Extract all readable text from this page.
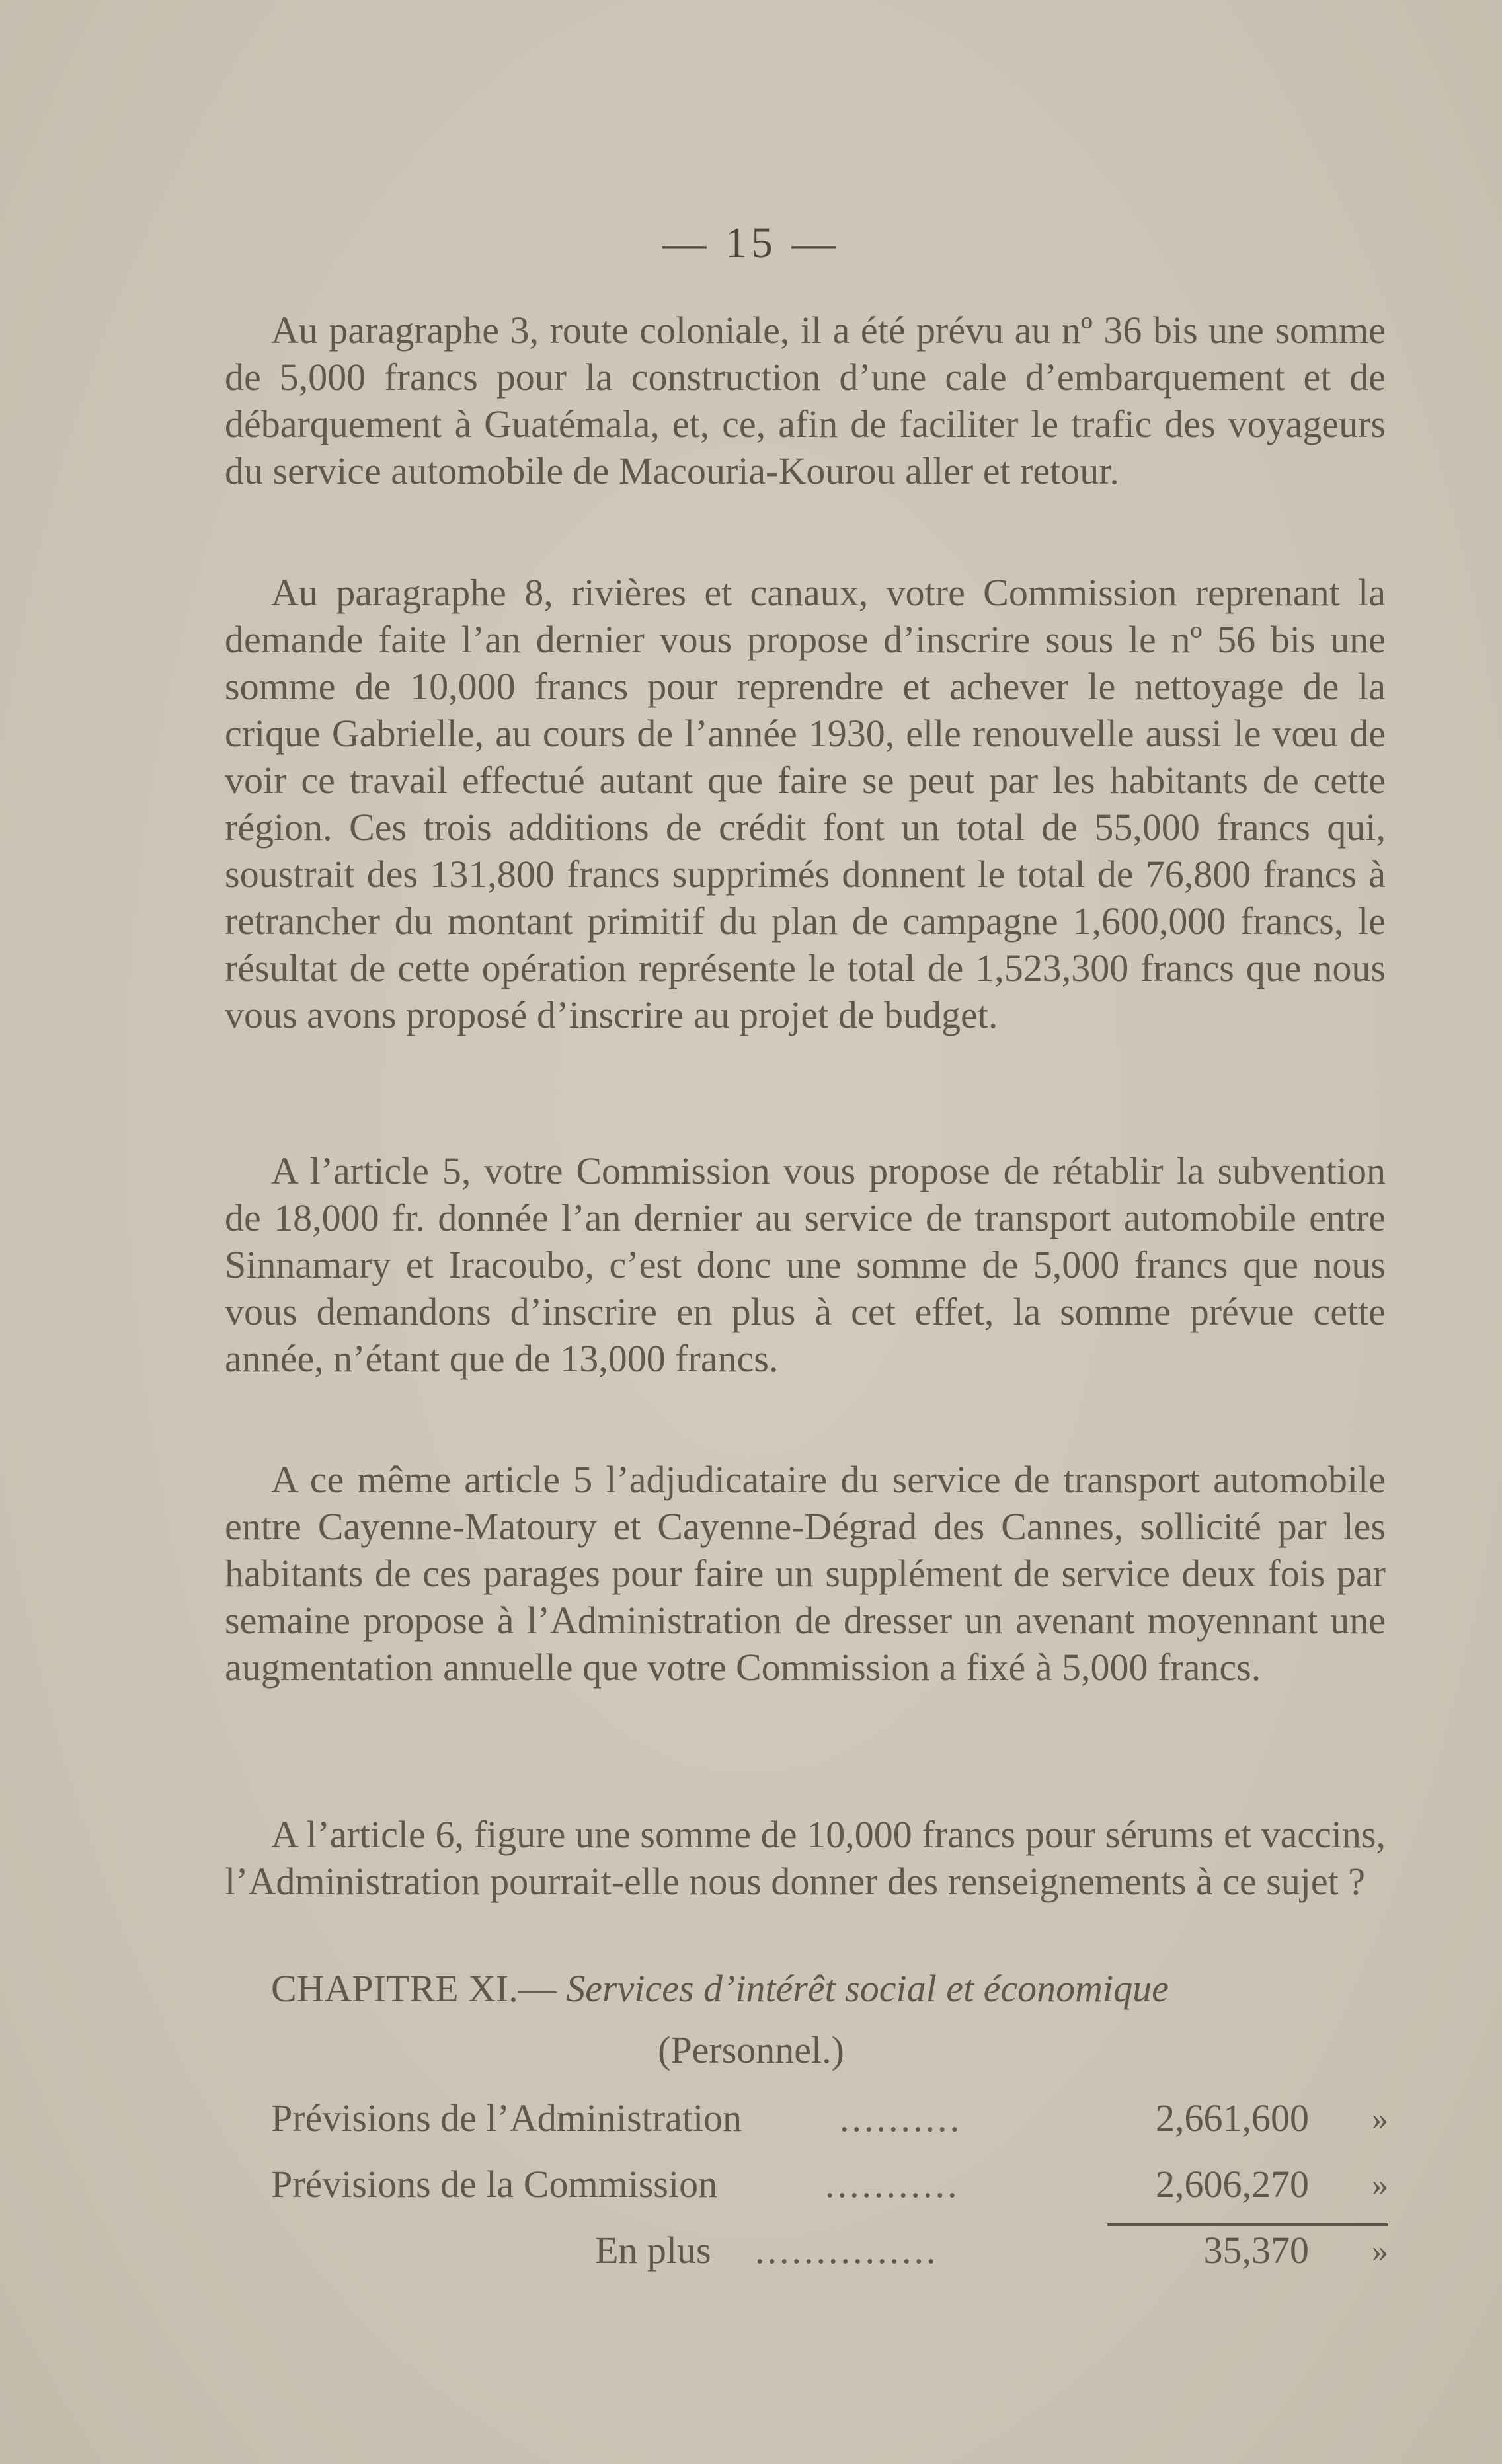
— 15 —

Au paragraphe 3, route coloniale, il a été prévu au nº 36 bis une somme de 5,000 francs pour la construction d’une cale d’embarquement et de débarquement à Guatémala, et, ce, afin de faciliter le trafic des voyageurs du service automobile de Macouria-Kourou aller et retour.

Au paragraphe 8, rivières et canaux, votre Commission reprenant la demande faite l’an dernier vous propose d’inscrire sous le nº 56 bis une somme de 10,000 francs pour reprendre et achever le nettoyage de la crique Gabrielle, au cours de l’année 1930, elle renouvelle aussi le vœu de voir ce travail effectué autant que faire se peut par les habitants de cette région. Ces trois additions de crédit font un total de 55,000 francs qui, soustrait des 131,800 francs supprimés donnent le total de 76,800 francs à retrancher du montant primitif du plan de campagne 1,600,000 francs, le résultat de cette opération représente le total de 1,523,300 francs que nous vous avons proposé d’inscrire au projet de budget.

A l’article 5, votre Commission vous propose de rétablir la subvention de 18,000 fr. donnée l’an dernier au service de transport automobile entre Sinnamary et Iracoubo, c’est donc une somme de 5,000 francs que nous vous demandons d’inscrire en plus à cet effet, la somme prévue cette année, n’étant que de 13,000 francs.

A ce même article 5 l’adjudicataire du service de transport automobile entre Cayenne-Matoury et Cayenne-Dégrad des Cannes, sollicité par les habitants de ces parages pour faire un supplément de service deux fois par semaine propose à l’Administration de dresser un avenant moyennant une augmentation annuelle que votre Commission a fixé à 5,000 francs.

A l’article 6, figure une somme de 10,000 francs pour sérums et vaccins, l’Administration pourrait-elle nous donner des renseignements à ce sujet ?

CHAPITRE XI.— Services d’intérêt social et économique
(Personnel.)
Prévisions de l’Administration	..........	2,661,600 »
Prévisions de la Commission	...........	2,606,270 »
En plus ...............	35,370 »
